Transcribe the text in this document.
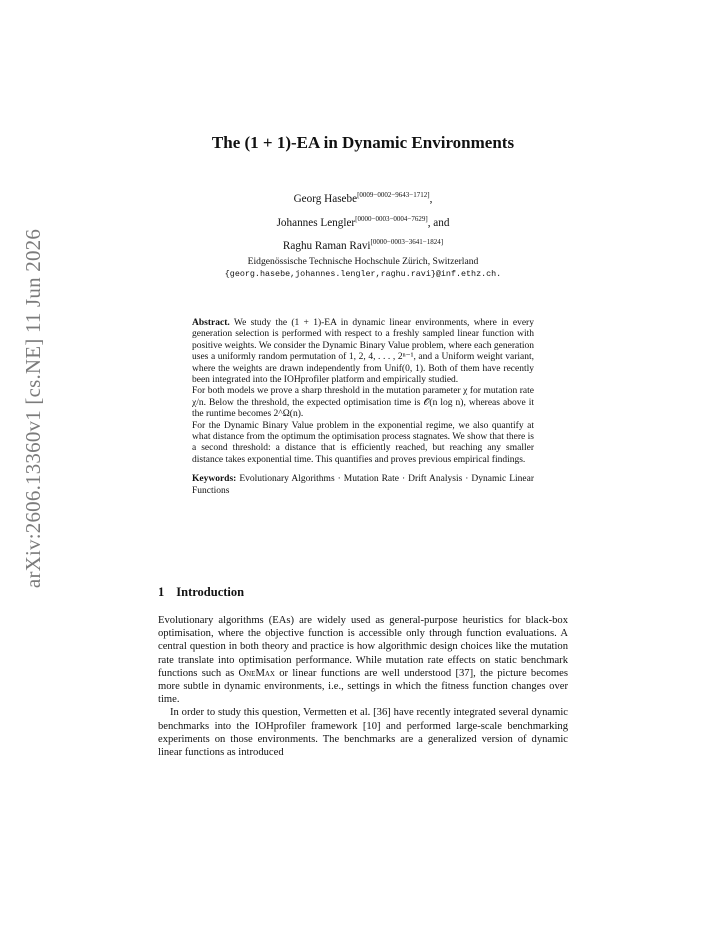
arXiv:2606.13360v1 [cs.NE] 11 Jun 2026
The (1 + 1)-EA in Dynamic Environments
Georg Hasebe[0009−0002−9643−1712],
Johannes Lengler[0000−0003−0004−7629], and
Raghu Raman Ravi[0000−0003−3641−1824]
Eidgenössische Technische Hochschule Zürich, Switzerland
{georg.hasebe,johannes.lengler,raghu.ravi}@inf.ethz.ch.

Abstract. We study the (1 + 1)-EA in dynamic linear environments, where in every generation selection is performed with respect to a freshly sampled linear function with positive weights. We consider the Dynamic Binary Value problem, where each generation uses a uniformly random permutation of 1, 2, 4, . . . , 2ⁿ⁻¹, and a Uniform weight variant, where the weights are drawn independently from Unif(0, 1). Both of them have recently been integrated into the IOHprofiler platform and empirically studied.

For both models we prove a sharp threshold in the mutation parameter χ for mutation rate χ/n. Below the threshold, the expected optimisation time is 𝒪(n log n), whereas above it the runtime becomes 2^Ω(n).

For the Dynamic Binary Value problem in the exponential regime, we also quantify at what distance from the optimum the optimisation process stagnates. We show that there is a second threshold: a distance that is efficiently reached, but reaching any smaller distance takes exponential time. This quantifies and proves previous empirical findings.

Keywords: Evolutionary Algorithms · Mutation Rate · Drift Analysis · Dynamic Linear Functions

1 Introduction

Evolutionary algorithms (EAs) are widely used as general-purpose heuristics for black-box optimisation, where the objective function is accessible only through function evaluations. A central question in both theory and practice is how algorithmic design choices like the mutation rate translate into optimisation performance. While mutation rate effects on static benchmark functions such as OneMax or linear functions are well understood [37], the picture becomes more subtle in dynamic environments, i.e., settings in which the fitness function changes over time.

In order to study this question, Vermetten et al. [36] have recently integrated several dynamic benchmarks into the IOHprofiler framework [10] and performed large-scale benchmarking experiments on those environments. The benchmarks are a generalized version of dynamic linear functions as introduced
